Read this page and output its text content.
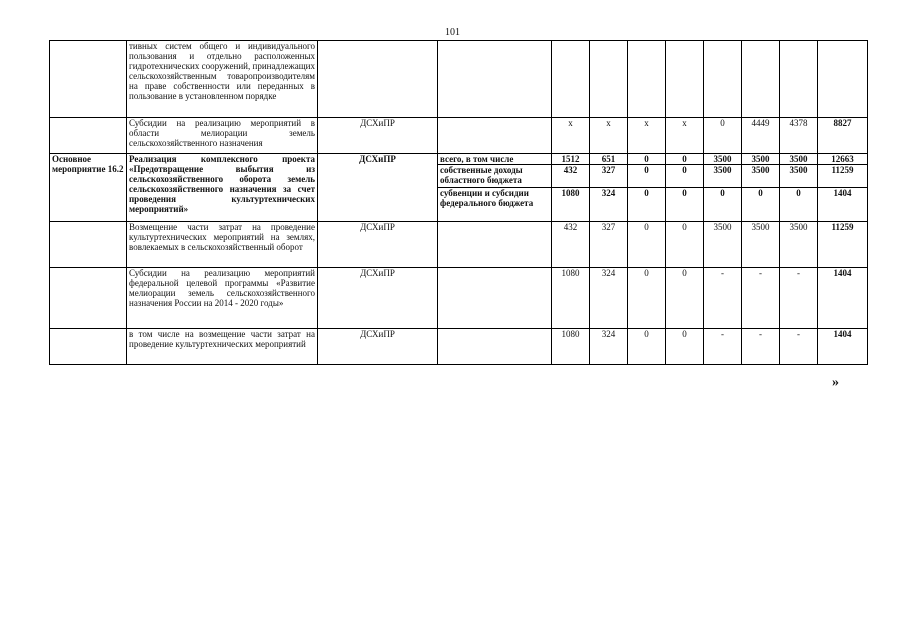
101
	тивных систем общего и индивидуального пользования и отдельно расположенных гидротехнических сооружений, принадлежащих сельскохозяйственным товаропроизводителям на праве собственности или переданных в пользование в установленном порядке										
	Субсидии на реализацию мероприятий в области мелиорации земель сельскохозяйственного назначения	ДСХиПР		х	х	х	х	0	4449	4378	8827
Основное мероприятие 16.2	Реализация комплексного проекта «Предотвращение выбытия из сельскохозяйственного оборота земель сельскохозяйственного назначения за счет проведения культуртехнических мероприятий»	ДСХиПР	всего, в том числе	1512	651	0	0	3500	3500	3500	12663
			собственные доходы областного бюджета	432	327	0	0	3500	3500	3500	11259
			субвенции и субсидии федерального бюджета	1080	324	0	0	0	0	0	1404
	Возмещение части затрат на проведение культуртехнических мероприятий на землях, вовлекаемых в сельскохозяйственный оборот	ДСХиПР		432	327	0	0	3500	3500	3500	11259
	Субсидии на реализацию мероприятий федеральной целевой программы «Развитие мелиорации земель сельскохозяйственного назначения России на 2014 - 2020 годы»	ДСХиПР		1080	324	0	0	-	-	-	1404
	в том числе на возмещение части затрат на проведение культуртехнических мероприятий	ДСХиПР		1080	324	0	0	-	-	-	1404
»
